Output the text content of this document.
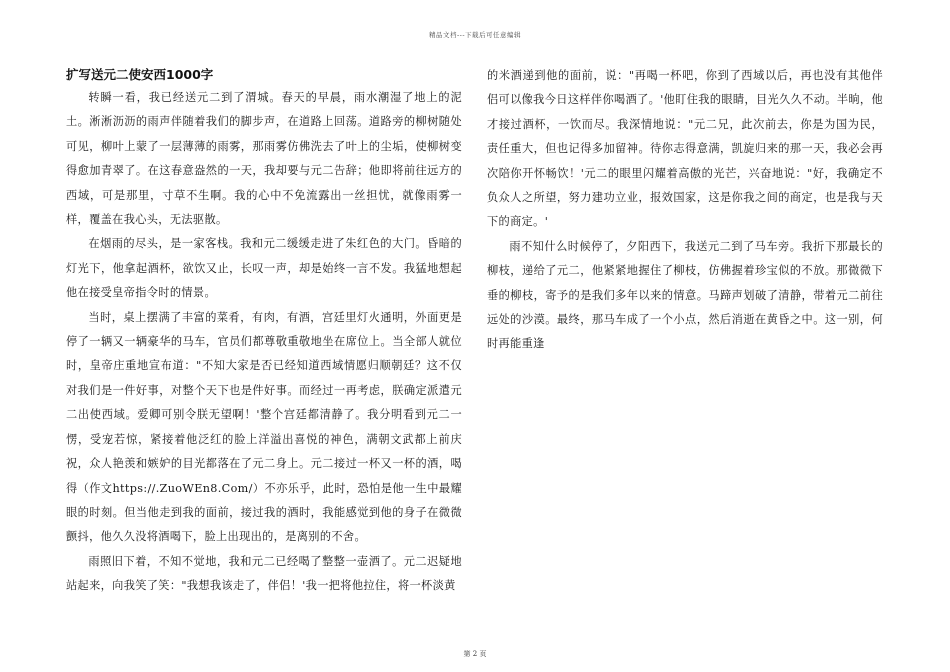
精品文档---下载后可任意编辑
扩写送元二使安西1000字

转瞬一看，我已经送元二到了渭城。春天的早晨，雨水潮湿了地上的泥土。淅淅沥沥的雨声伴随着我们的脚步声，在道路上回荡。道路旁的柳树随处可见，柳叶上蒙了一层薄薄的雨雾，那雨雾仿佛洗去了叶上的尘垢，使柳树变得愈加青翠了。在这春意盎然的一天，我却要与元二告辞；他即将前往远方的西域，可是那里，寸草不生啊。我的心中不免流露出一丝担忧，就像雨雾一样，覆盖在我心头，无法驱散。

在烟雨的尽头，是一家客栈。我和元二缓缓走进了朱红色的大门。昏暗的灯光下，他拿起酒杯，欲饮又止，长叹一声，却是始终一言不发。我猛地想起他在接受皇帝指令时的情景。

当时，桌上摆满了丰富的菜肴，有肉，有酒，宫廷里灯火通明，外面更是停了一辆又一辆豪华的马车，官员们都尊敬重敬地坐在席位上。当全部人就位时，皇帝庄重地宣布道："不知大家是否已经知道西域情愿归顺朝廷？这不仅对我们是一件好事，对整个天下也是件好事。而经过一再考虑，朕确定派遣元二出使西域。爱卿可别令朕无望啊！'整个宫廷都清静了。我分明看到元二一愣，受宠若惊，紧接着他泛红的脸上洋溢出喜悦的神色，满朝文武都上前庆祝，众人艳羡和嫉妒的目光都落在了元二身上。元二接过一杯又一杯的酒，喝得（作文https://.ZuoWEn8.Com/）不亦乐乎，此时，恐怕是他一生中最耀眼的时刻。但当他走到我的面前，接过我的酒时，我能感觉到他的身子在微微颤抖，他久久没将酒喝下，脸上出现出的，是离别的不舍。

雨照旧下着，不知不觉地，我和元二已经喝了整整一壶酒了。元二迟疑地站起来，向我笑了笑："我想我该走了，伴侣！'我一把将他拉住，将一杯淡黄

的米酒递到他的面前，说："再喝一杯吧，你到了西域以后，再也没有其他伴侣可以像我今日这样伴你喝酒了。'他盯住我的眼睛，目光久久不动。半晌，他才接过酒杯，一饮而尽。我深情地说："元二兄，此次前去，你是为国为民，责任重大，但也记得多加留神。待你志得意满，凯旋归来的那一天，我必会再次陪你开怀畅饮！'元二的眼里闪耀着高傲的光芒，兴奋地说："好，我确定不负众人之所望，努力建功立业，报效国家，这是你我之间的商定，也是我与天下的商定。'

雨不知什么时候停了，夕阳西下，我送元二到了马车旁。我折下那最长的柳枝，递给了元二，他紧紧地握住了柳枝，仿佛握着珍宝似的不放。那微微下垂的柳枝，寄予的是我们多年以来的情意。马蹄声划破了清静，带着元二前往远处的沙漠。最终，那马车成了一个小点，然后消逝在黄昏之中。这一别，何时再能重逢

第 2 页
